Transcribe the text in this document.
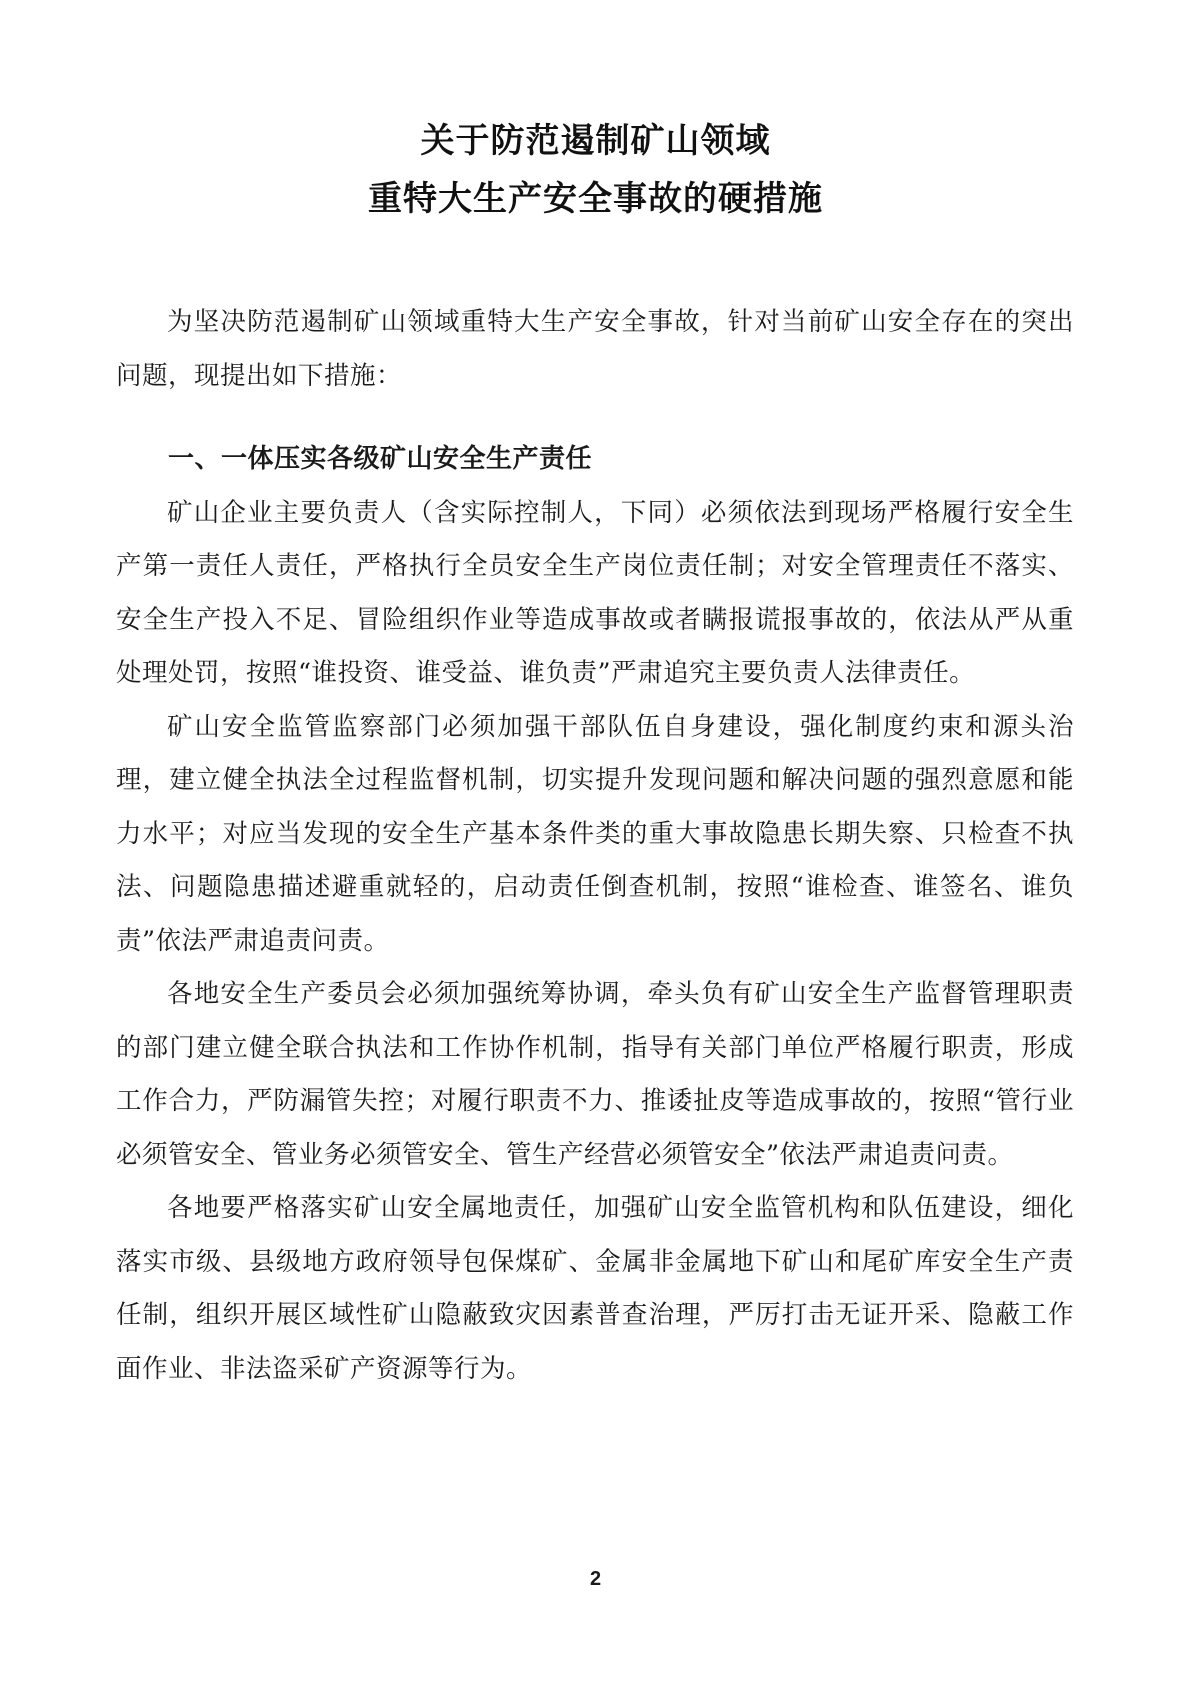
关于防范遏制矿山领域
重特大生产安全事故的硬措施

为坚决防范遏制矿山领域重特大生产安全事故，针对当前矿山安全存在的突出问题，现提出如下措施：

一、一体压实各级矿山安全生产责任

矿山企业主要负责人（含实际控制人，下同）必须依法到现场严格履行安全生产第一责任人责任，严格执行全员安全生产岗位责任制；对安全管理责任不落实、安全生产投入不足、冒险组织作业等造成事故或者瞒报谎报事故的，依法从严从重处理处罚，按照“谁投资、谁受益、谁负责”严肃追究主要负责人法律责任。

矿山安全监管监察部门必须加强干部队伍自身建设，强化制度约束和源头治理，建立健全执法全过程监督机制，切实提升发现问题和解决问题的强烈意愿和能力水平；对应当发现的安全生产基本条件类的重大事故隐患长期失察、只检查不执法、问题隐患描述避重就轻的，启动责任倒查机制，按照“谁检查、谁签名、谁负责”依法严肃追责问责。

各地安全生产委员会必须加强统筹协调，牵头负有矿山安全生产监督管理职责的部门建立健全联合执法和工作协作机制，指导有关部门单位严格履行职责，形成工作合力，严防漏管失控；对履行职责不力、推诿扯皮等造成事故的，按照“管行业必须管安全、管业务必须管安全、管生产经营必须管安全”依法严肃追责问责。

各地要严格落实矿山安全属地责任，加强矿山安全监管机构和队伍建设，细化落实市级、县级地方政府领导包保煤矿、金属非金属地下矿山和尾矿库安全生产责任制，组织开展区域性矿山隐蔽致灾因素普查治理，严厉打击无证开采、隐蔽工作面作业、非法盗采矿产资源等行为。

2
